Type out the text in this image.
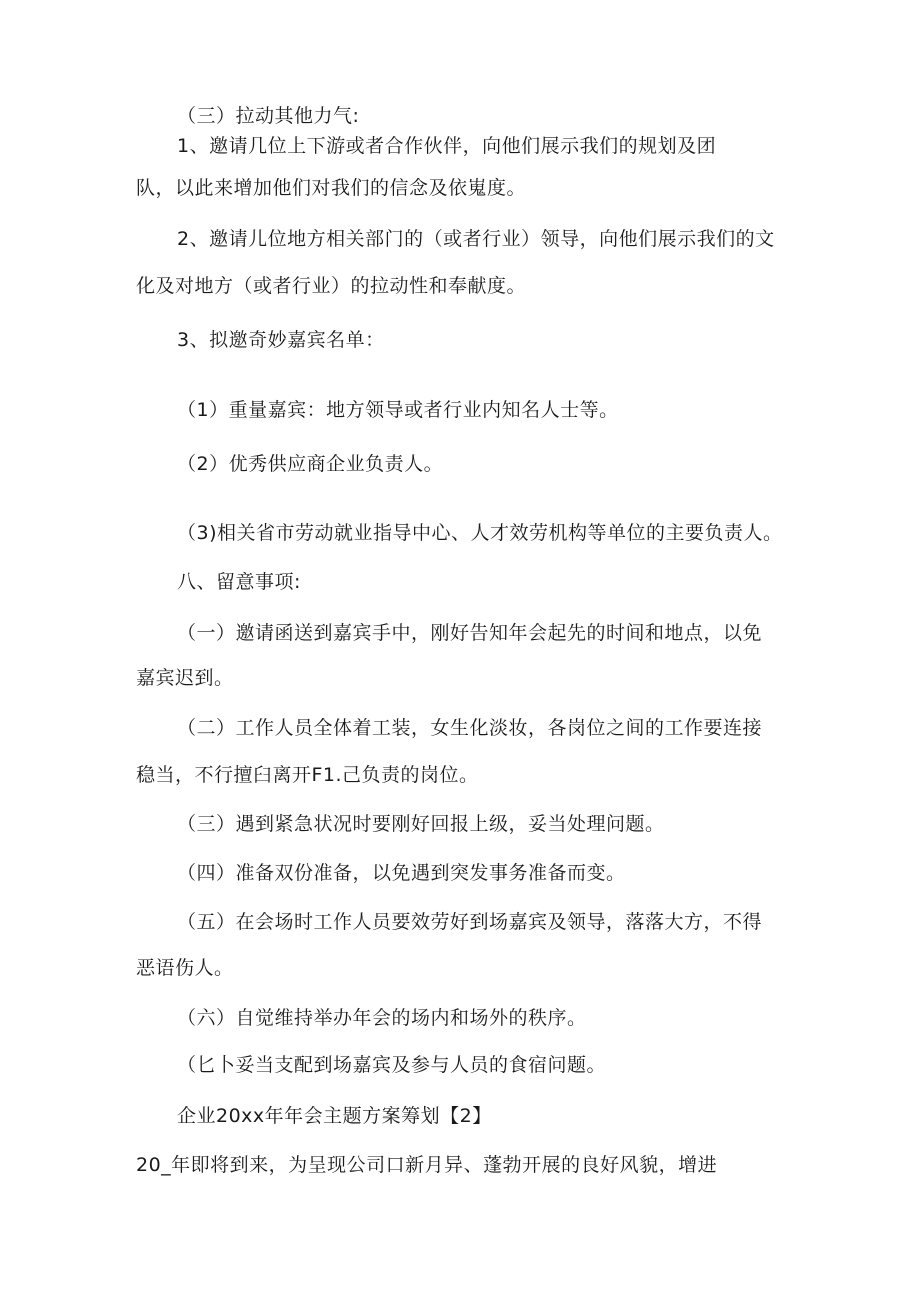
（三）拉动其他力气:
1、邀请几位上下游或者合作伙伴，向他们展示我们的规划及团
队，以此来增加他们对我们的信念及依嵬度。
2、邀请儿位地方相关部门的（或者行业）领导，向他们展示我们的文
化及对地方（或者行业）的拉动性和奉献度。
3、拟邀奇妙嘉宾名单：
（1）重量嘉宾：地方领导或者行业内知名人士等。
（2）优秀供应商企业负责人。
（3)相关省市劳动就业指导中心、人才效劳机构等单位的主要负责人。
八、留意事项:
（一）邀请函送到嘉宾手中，刚好告知年会起先的时间和地点，以免
嘉宾迟到。
（二）工作人员全体着工装，女生化淡妆，各岗位之间的工作要连接
稳当，不行擅臼离开F1.己负责的岗位。
（三）遇到紧急状况时要刚好回报上级，妥当处理问题。
（四）准备双份准备，以免遇到突发事务准备而变。
（五）在会场时工作人员要效劳好到场嘉宾及领导，落落大方，不得
恶语伤人。
（六）自觉维持举办年会的场内和场外的秩序。
（匕卜妥当支配到场嘉宾及参与人员的食宿问题。
企业20xx年年会主题方案筹划【2】
20_年即将到来，为呈现公司口新月异、蓬勃开展的良好风貌，增进
